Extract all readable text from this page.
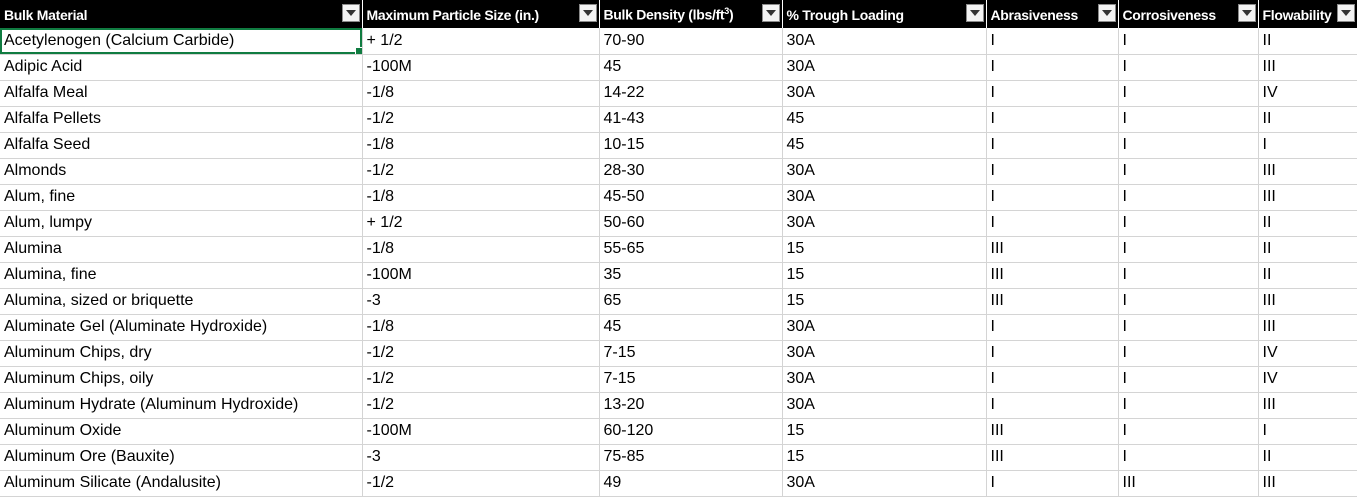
Bulk Material	Maximum Particle Size (in.)	Bulk Density $(lbs/ft^3)$	% Trough Loading	Abrasiveness	Corrosiveness	Flowability

Acetylenogen (Calcium Carbide)	+ 1/2	70-90	30A	I	I	II
Adipic Acid	-100M	45	30A	I	I	III
Alfalfa Meal	-1/8	14-22	30A	I	I	IV
Alfalfa Pellets	-1/2	41-43	45	I	I	II
Alfalfa Seed	-1/8	10-15	45	I	I	I
Almonds	-1/2	28-30	30A	I	I	III
Alum, fine	-1/8	45-50	30A	I	I	III
Alum, lumpy	+ 1/2	50-60	30A	I	I	II
Alumina	-1/8	55-65	15	III	I	II
Alumina, fine	-100M	35	15	III	I	II
Alumina, sized or briquette	-3	65	15	III	I	III
Aluminate Gel (Aluminate Hydroxide)	-1/8	45	30A	I	I	III
Aluminum Chips, dry	-1/2	7-15	30A	I	I	IV
Aluminum Chips, oily	-1/2	7-15	30A	I	I	IV
Aluminum Hydrate (Aluminum Hydroxide)	-1/2	13-20	30A	I	I	III
Aluminum Oxide	-100M	60-120	15	III	I	I
Aluminum Ore (Bauxite)	-3	75-85	15	III	I	II
Aluminum Silicate (Andalusite)	-1/2	49	30A	I	III	III
